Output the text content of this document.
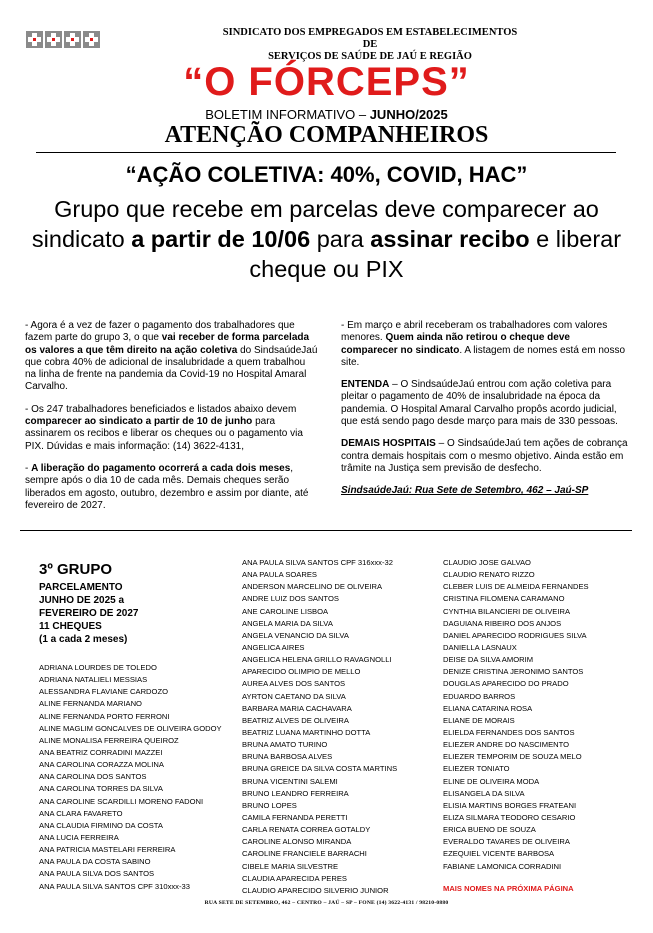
SINDICATO DOS EMPREGADOS EM ESTABELECIMENTOS DE
SERVIÇOS DE SAÚDE DE JAÚ E REGIÃO
“O FÓRCEPS”
BOLETIM INFORMATIVO – JUNHO/2025
ATENÇÃO COMPANHEIROS
“AÇÃO COLETIVA: 40%, COVID, HAC”
Grupo que recebe em parcelas deve comparecer ao sindicato a partir de 10/06 para assinar recibo e liberar cheque ou PIX

- Agora é a vez de fazer o pagamento dos trabalhadores que fazem parte do grupo 3, o que vai receber de forma parcelada os valores a que têm direito na ação coletiva do SindsaúdeJaú que cobra 40% de adicional de insalubridade a quem trabalhou na linha de frente na pandemia da Covid-19 no Hospital Amaral Carvalho.

- Os 247 trabalhadores beneficiados e listados abaixo devem comparecer ao sindicato a partir de 10 de junho para assinarem os recibos e liberar os cheques ou o pagamento via PIX. Dúvidas e mais informação: (14) 3622-4131,

- A liberação do pagamento ocorrerá a cada dois meses, sempre após o dia 10 de cada mês. Demais cheques serão liberados em agosto, outubro, dezembro e assim por diante, até fevereiro de 2027.

- Em março e abril receberam os trabalhadores com valores menores. Quem ainda não retirou o cheque deve comparecer no sindicato. A listagem de nomes está em nosso site.

ENTENDA – O SindsaúdeJaú entrou com ação coletiva para pleitar o pagamento de 40% de insalubridade na época da pandemia. O Hospital Amaral Carvalho propôs acordo judicial, que está sendo pago desde março para mais de 330 pessoas.

DEMAIS HOSPITAIS – O SindsaúdeJaú tem ações de cobrança contra demais hospitais com o mesmo objetivo. Ainda estão em trâmite na Justiça sem previsão de desfecho.

SindsaúdeJaú: Rua Sete de Setembro, 462 – Jaú-SP

3º GRUPO
PARCELAMENTO
JUNHO DE 2025 a
FEVEREIRO DE 2027
11 CHEQUES
(1 a cada 2 meses)
ADRIANA LOURDES DE TOLEDO
ADRIANA NATALIELI MESSIAS
ALESSANDRA FLAVIANE CARDOZO
ALINE FERNANDA MARIANO
ALINE FERNANDA PORTO FERRONI
ALINE MAGLIM GONCALVES DE OLIVEIRA GODOY
ALINE MONALISA FERREIRA QUEIROZ
ANA BEATRIZ CORRADINI MAZZEI
ANA CAROLINA CORAZZA MOLINA
ANA CAROLINA DOS SANTOS
ANA CAROLINA TORRES DA SILVA
ANA CAROLINE SCARDILLI MORENO FADONI
ANA CLARA FAVARETO
ANA CLAUDIA FIRMINO DA COSTA
ANA LUCIA FERREIRA
ANA PATRICIA MASTELARI FERREIRA
ANA PAULA DA COSTA SABINO
ANA PAULA SILVA DOS SANTOS
ANA PAULA SILVA SANTOS CPF 310xxx-33
ANA PAULA SILVA SANTOS CPF 316xxx-32
ANA PAULA SOARES
ANDERSON MARCELINO DE OLIVEIRA
ANDRE LUIZ DOS SANTOS
ANE CAROLINE LISBOA
ANGELA MARIA DA SILVA
ANGELA VENANCIO DA SILVA
ANGELICA AIRES
ANGELICA HELENA GRILLO RAVAGNOLLI
APARECIDO OLIMPIO DE MELLO
AUREA ALVES DOS SANTOS
AYRTON CAETANO DA SILVA
BARBARA MARIA CACHAVARA
BEATRIZ ALVES DE OLIVEIRA
BEATRIZ LUANA MARTINHO DOTTA
BRUNA AMATO TURINO
BRUNA BARBOSA ALVES
BRUNA GREICE DA SILVA COSTA MARTINS
BRUNA VICENTINI SALEMI
BRUNO LEANDRO FERREIRA
BRUNO LOPES
CAMILA FERNANDA PERETTI
CARLA RENATA CORREA GOTALDY
CAROLINE ALONSO MIRANDA
CAROLINE FRANCIELE BARRACHI
CIBELE MARIA SILVESTRE
CLAUDIA APARECIDA PERES
CLAUDIO APARECIDO SILVERIO JUNIOR
CLAUDIO JOSE GALVAO
CLAUDIO RENATO RIZZO
CLEBER LUIS DE ALMEIDA FERNANDES
CRISTINA FILOMENA CARAMANO
CYNTHIA BILANCIERI DE OLIVEIRA
DAGUIANA RIBEIRO DOS ANJOS
DANIEL APARECIDO RODRIGUES SILVA
DANIELLA LASNAUX
DEISE DA SILVA AMORIM
DENIZE CRISTINA JERONIMO SANTOS
DOUGLAS APARECIDO DO PRADO
EDUARDO BARROS
ELIANA CATARINA ROSA
ELIANE DE MORAIS
ELIELDA FERNANDES DOS SANTOS
ELIEZER ANDRE DO NASCIMENTO
ELIEZER TEMPORIM DE SOUZA MELO
ELIEZER TONIATO
ELINE DE OLIVEIRA MODA
ELISANGELA DA SILVA
ELISIA MARTINS BORGES FRATEANI
ELIZA SILMARA TEODORO CESARIO
ERICA BUENO DE SOUZA
EVERALDO TAVARES DE OLIVEIRA
EZEQUIEL VICENTE BARBOSA
FABIANE LAMONICA CORRADINI
MAIS NOMES NA PRÓXIMA PÁGINA
RUA SETE DE SETEMBRO, 462 – CENTRO – JAÚ – SP – FONE (14) 3622-4131 / 98210-0880
